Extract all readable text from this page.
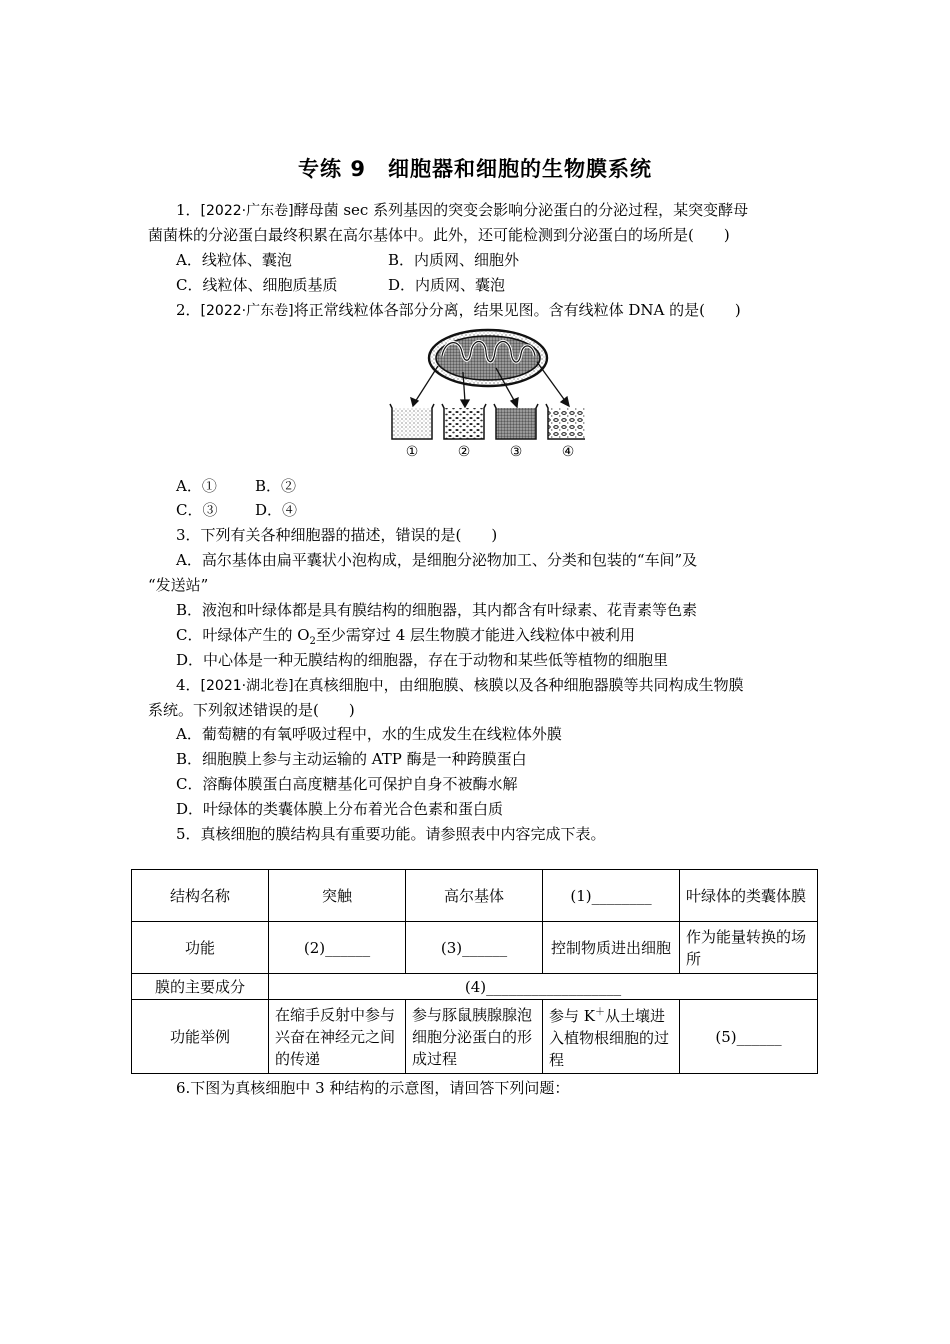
专练 9　细胞器和细胞的生物膜系统
1．[2022·广东卷]酵母菌 sec 系列基因的突变会影响分泌蛋白的分泌过程，某突变酵母
菌菌株的分泌蛋白最终积累在高尔基体中。此外，还可能检测到分泌蛋白的场所是(　　)
A．线粒体、囊泡	B．内质网、细胞外
C．线粒体、细胞质基质	D．内质网、囊泡
2．[2022·广东卷]将正常线粒体各部分分离，结果见图。含有线粒体 DNA 的是(　　)
①	②	③	④
A．①	B．②
C．③	D．④
3．下列有关各种细胞器的描述，错误的是(　　)
A．高尔基体由扁平囊状小泡构成，是细胞分泌物加工、分类和包装的“车间”及
“发送站”
B．液泡和叶绿体都是具有膜结构的细胞器，其内都含有叶绿素、花青素等色素
C．叶绿体产生的 $O_2$至少需穿过 4 层生物膜才能进入线粒体中被利用
D．中心体是一种无膜结构的细胞器，存在于动物和某些低等植物的细胞里
4．[2021·湖北卷]在真核细胞中，由细胞膜、核膜以及各种细胞器膜等共同构成生物膜
系统。下列叙述错误的是(　　)
A．葡萄糖的有氧呼吸过程中，水的生成发生在线粒体外膜
B．细胞膜上参与主动运输的 ATP 酶是一种跨膜蛋白
C．溶酶体膜蛋白高度糖基化可保护自身不被酶水解
D．叶绿体的类囊体膜上分布着光合色素和蛋白质
5．真核细胞的膜结构具有重要功能。请参照表中内容完成下表。
结构名称	突触	高尔基体	(1)________	叶绿体的类囊体膜
功能	(2)______	(3)______	控制物质进出细胞	作为能量转换的场所
膜的主要成分	(4)__________________			
功能举例	在缩手反射中参与兴奋在神经元之间的传递	参与豚鼠胰腺腺泡细胞分泌蛋白的形成过程	参与 K＋从土壤进入植物根细胞的过程	(5)______
6.下图为真核细胞中 3 种结构的示意图，请回答下列问题：
